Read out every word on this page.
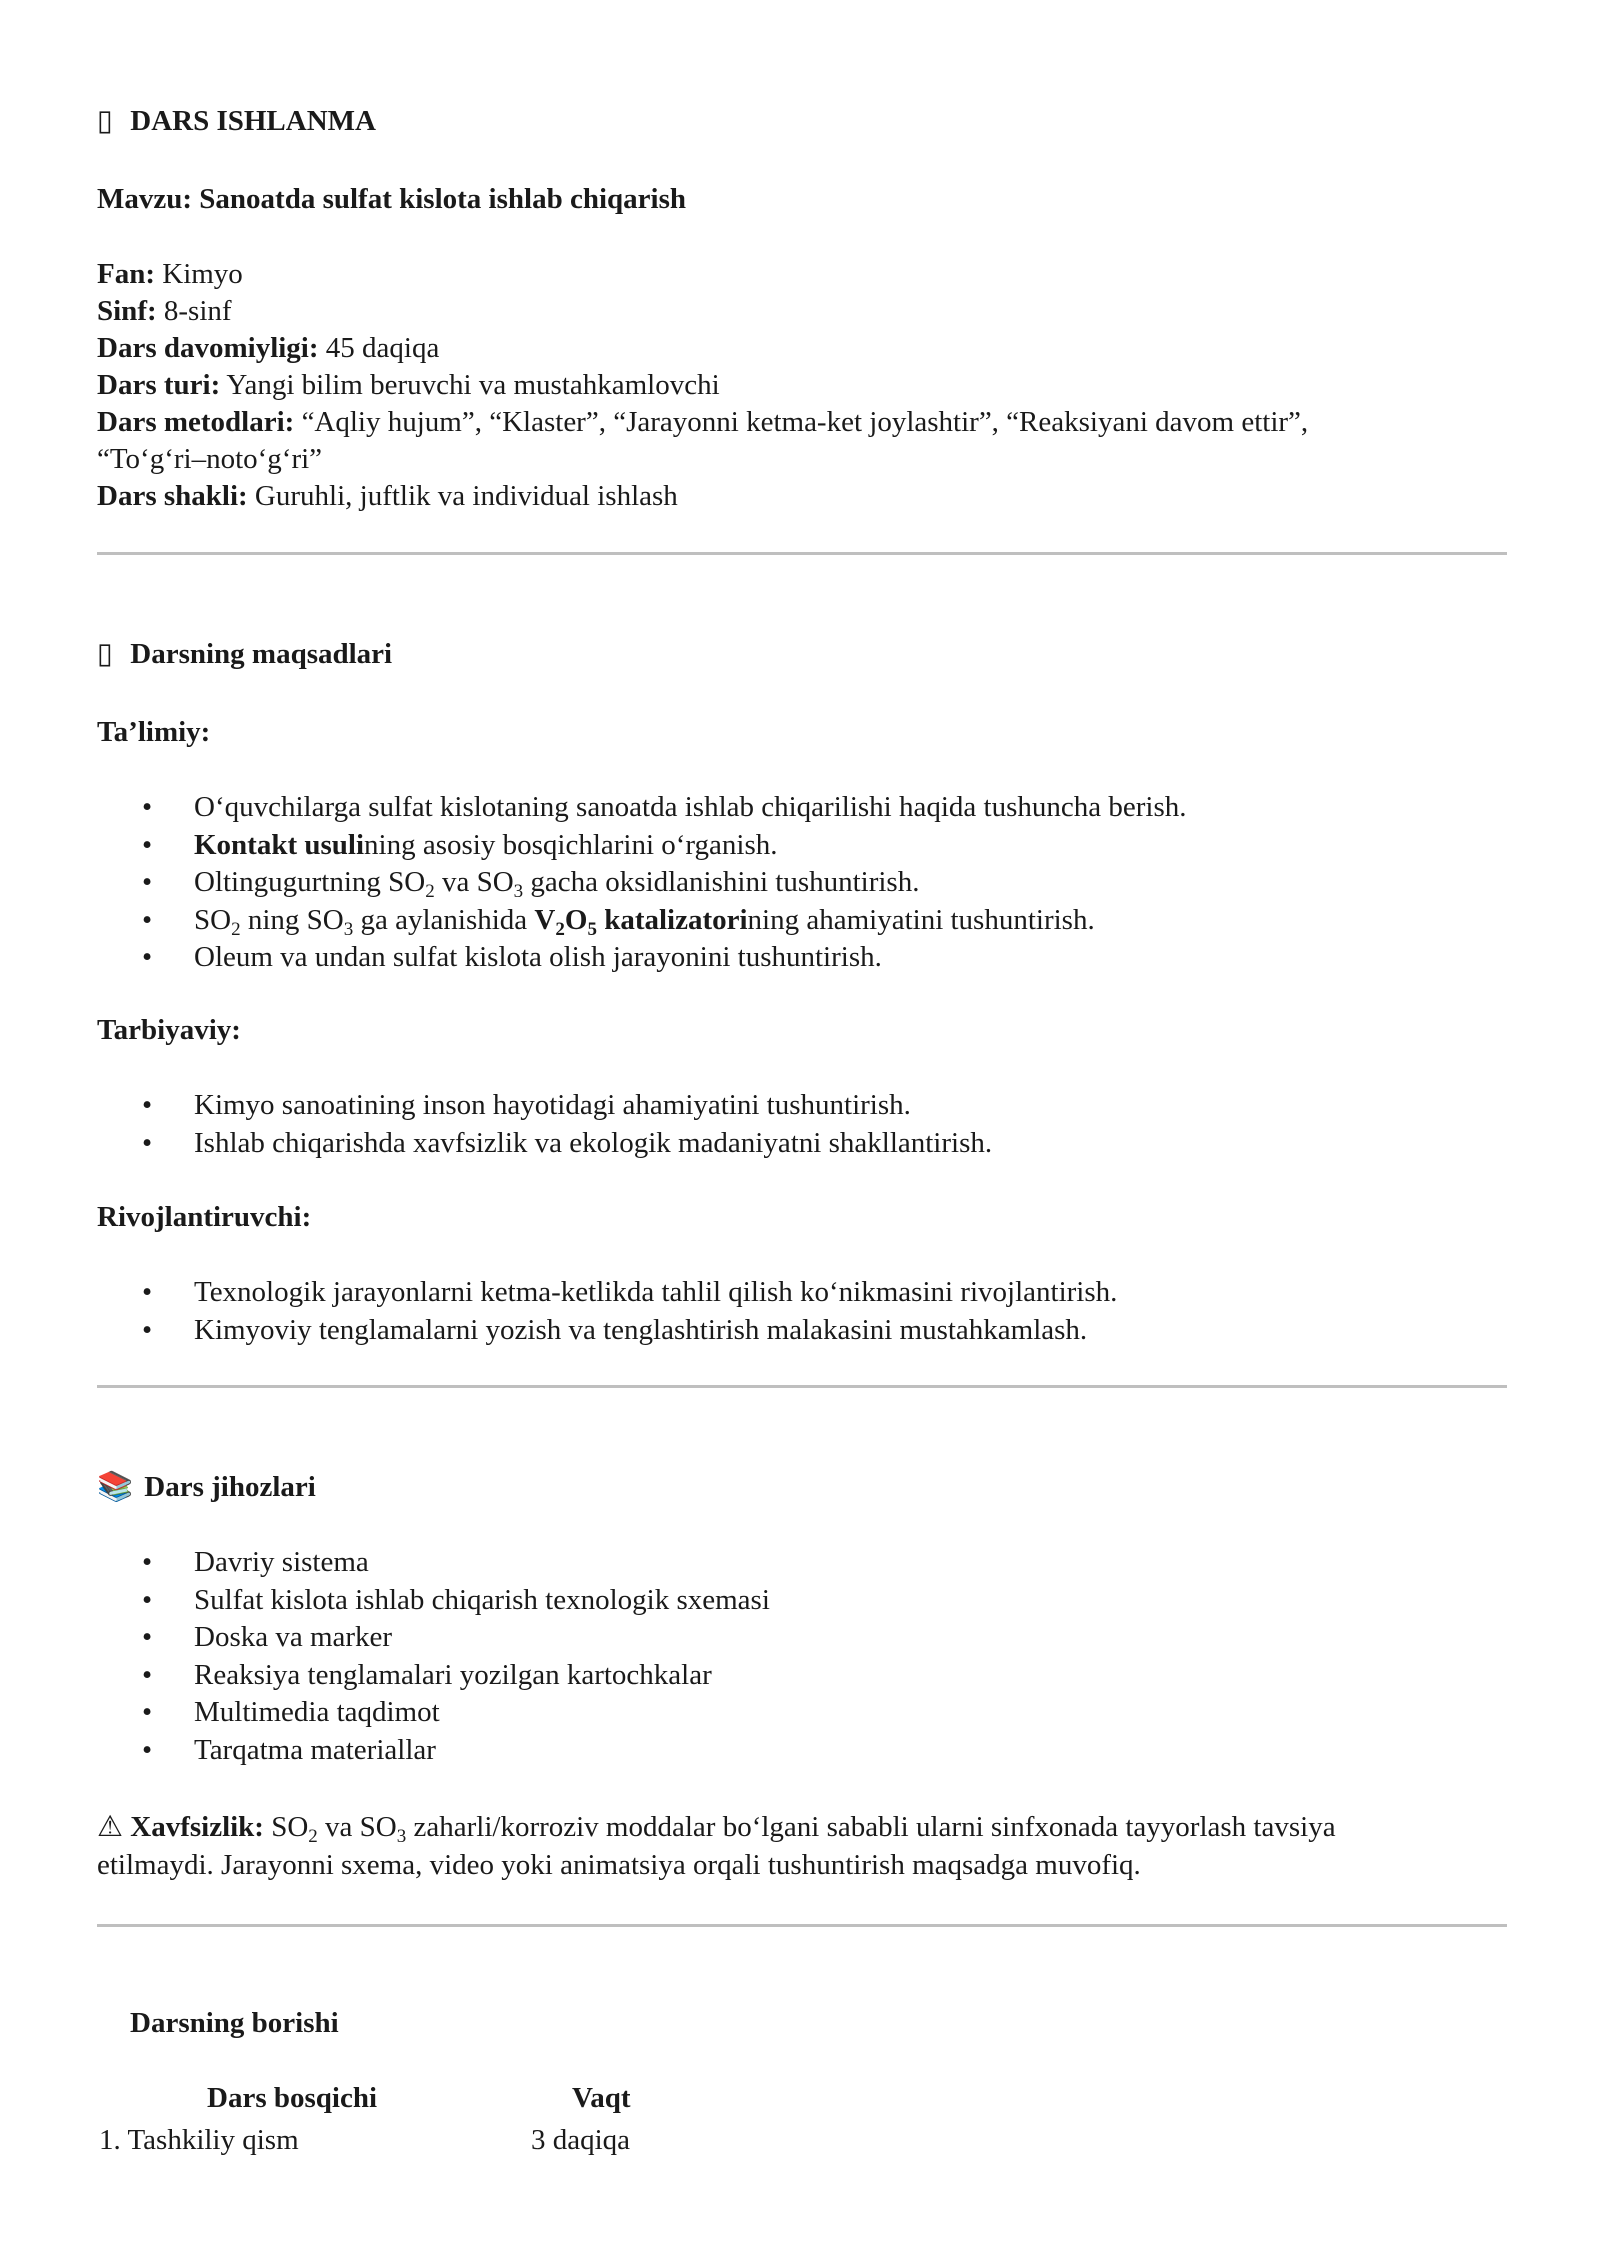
▯ DARS ISHLANMA
Mavzu: Sanoatda sulfat kislota ishlab chiqarish
Fan: Kimyo
Sinf: 8-sinf
Dars davomiyligi: 45 daqiqa
Dars turi: Yangi bilim beruvchi va mustahkamlovchi
Dars metodlari: “Aqliy hujum”, “Klaster”, “Jarayonni ketma-ket joylashtir”, “Reaksiyani davom ettir”,
“To‘g‘ri–noto‘g‘ri”
Dars shakli: Guruhli, juftlik va individual ishlash
▯ Darsning maqsadlari
Ta’limiy:
• O‘quvchilarga sulfat kislotaning sanoatda ishlab chiqarilishi haqida tushuncha berish.
• Kontakt usulining asosiy bosqichlarini o‘rganish.
• Oltingugurtning $SO_2$ va $SO_3$ gacha oksidlanishini tushuntirish.
• $SO_2$ ning $SO_3$ ga aylanishida $V_2O_5$ katalizatorining ahamiyatini tushuntirish.
• Oleum va undan sulfat kislota olish jarayonini tushuntirish.
Tarbiyaviy:
• Kimyo sanoatining inson hayotidagi ahamiyatini tushuntirish.
• Ishlab chiqarishda xavfsizlik va ekologik madaniyatni shakllantirish.
Rivojlantiruvchi:
• Texnologik jarayonlarni ketma-ketlikda tahlil qilish ko‘nikmasini rivojlantirish.
• Kimyoviy tenglamalarni yozish va tenglashtirish malakasini mustahkamlash.
📚 Dars jihozlari
• Davriy sistema
• Sulfat kislota ishlab chiqarish texnologik sxemasi
• Doska va marker
• Reaksiya tenglamalari yozilgan kartochkalar
• Multimedia taqdimot
• Tarqatma materiallar
⚠ Xavfsizlik: $SO_2$ va $SO_3$ zaharli/korroziv moddalar bo‘lgani sababli ularni sinfxonada tayyorlash tavsiya
etilmaydi. Jarayonni sxema, video yoki animatsiya orqali tushuntirish maqsadga muvofiq.
Darsning borishi
Dars bosqichi	Vaqt
1. Tashkiliy qism	3 daqiqa
